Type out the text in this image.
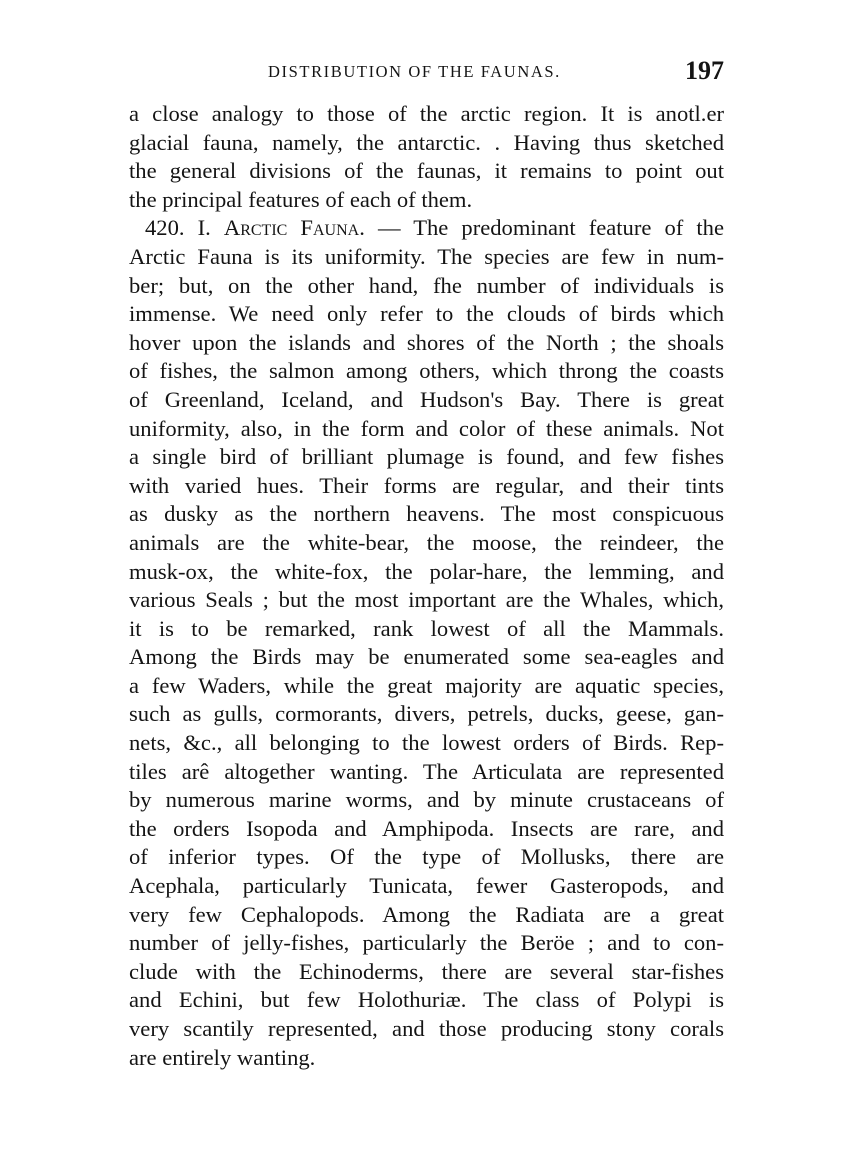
DISTRIBUTION OF THE FAUNAS.	197
a close analogy to those of the arctic region. It is anotl.er
glacial fauna, namely, the antarctic. . Having thus sketched
the general divisions of the faunas, it remains to point out
the principal features of each of them.
420. I. Arctic Fauna. — The predominant feature of the
Arctic Fauna is its uniformity. The species are few in num-
ber; but, on the other hand, fhe number of individuals is
immense. We need only refer to the clouds of birds which
hover upon the islands and shores of the North ; the shoals
of fishes, the salmon among others, which throng the coasts
of Greenland, Iceland, and Hudson's Bay. There is great
uniformity, also, in the form and color of these animals. Not
a single bird of brilliant plumage is found, and few fishes
with varied hues. Their forms are regular, and their tints
as dusky as the northern heavens. The most conspicuous
animals are the white-bear, the moose, the reindeer, the
musk-ox, the white-fox, the polar-hare, the lemming, and
various Seals ; but the most important are the Whales, which,
it is to be remarked, rank lowest of all the Mammals.
Among the Birds may be enumerated some sea-eagles and
a few Waders, while the great majority are aquatic species,
such as gulls, cormorants, divers, petrels, ducks, geese, gan-
nets, &c., all belonging to the lowest orders of Birds. Rep-
tiles arê altogether wanting. The Articulata are represented
by numerous marine worms, and by minute crustaceans of
the orders Isopoda and Amphipoda. Insects are rare, and
of inferior types. Of the type of Mollusks, there are
Acephala, particularly Tunicata, fewer Gasteropods, and
very few Cephalopods. Among the Radiata are a great
number of jelly-fishes, particularly the Beröe ; and to con-
clude with the Echinoderms, there are several star-fishes
and Echini, but few Holothuriæ. The class of Polypi is
very scantily represented, and those producing stony corals
are entirely wanting.
